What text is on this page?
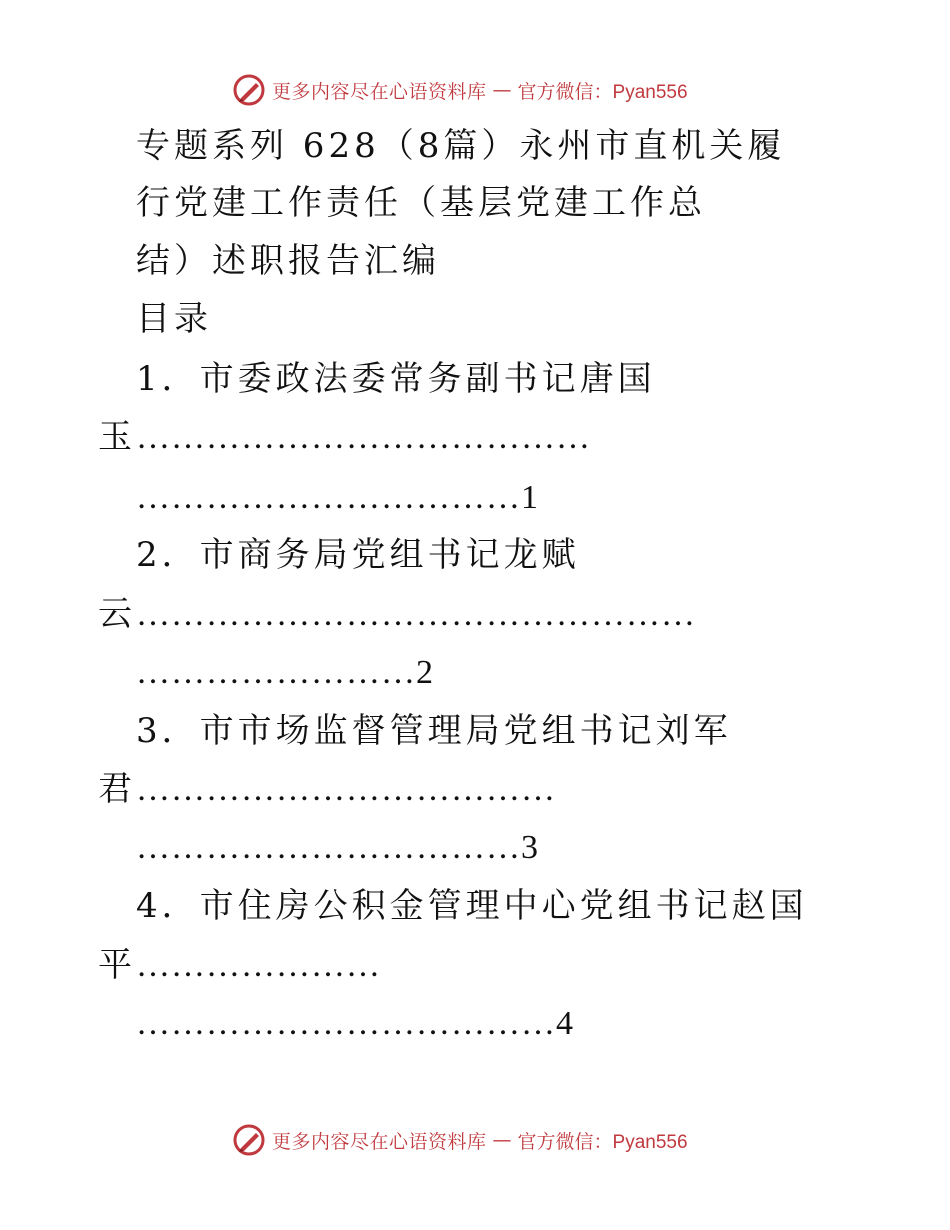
更多内容尽在心语资料库 — 官方微信：Pyan556
专题系列 628（8篇）永州市直机关履
行党建工作责任（基层党建工作总
结）述职报告汇编
目录
1．市委政法委常务副书记唐国
玉…………………………………
……………………………1
2．市商务局党组书记龙赋
云…………………………………………
……………………2
3．市市场监督管理局党组书记刘军
君………………………………
……………………………3
4．市住房公积金管理中心党组书记赵国
平…………………
………………………………4
更多内容尽在心语资料库 — 官方微信：Pyan556
